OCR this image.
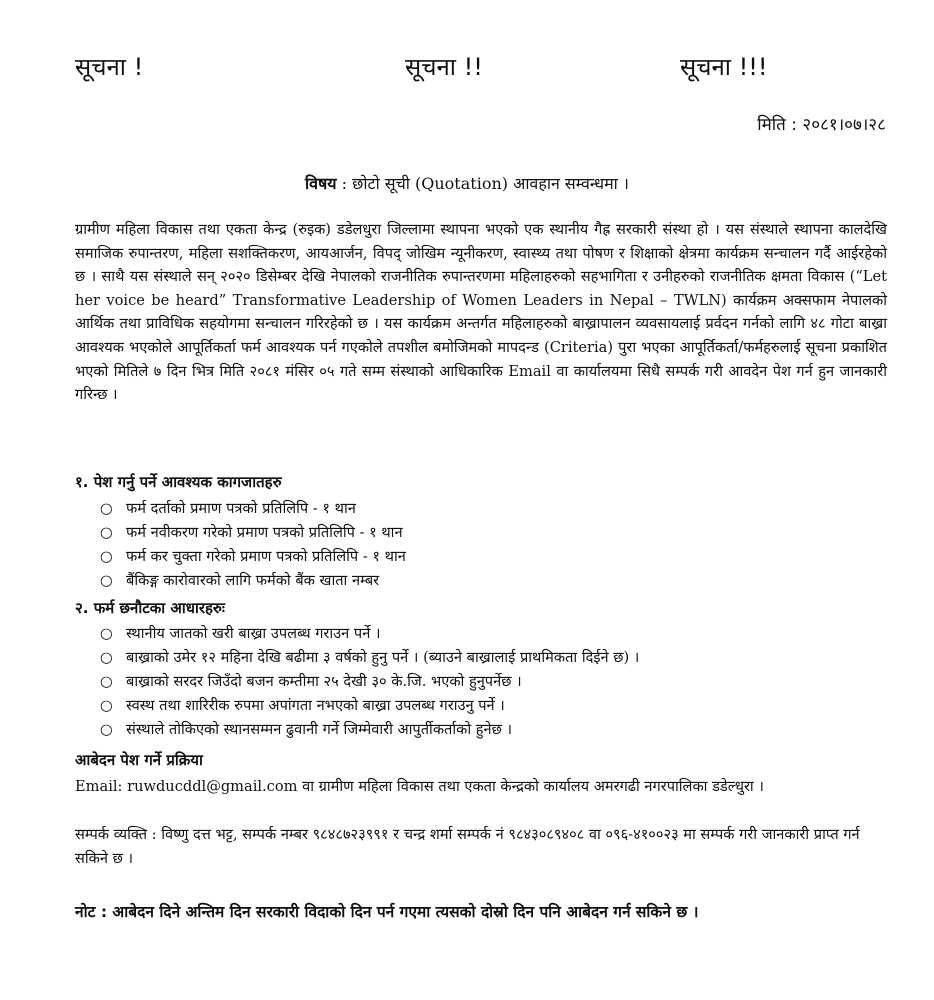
सूचना !	सूचना !!	सूचना !!!
मिति : २०८१।०७।२८
विषय : छोटो सूची (Quotation) आवहान सम्वन्धमा ।
ग्रामीण महिला विकास तथा एकता केन्द्र (रुइक) डडेलधुरा जिल्लामा स्थापना भएको एक स्थानीय गैह्र सरकारी संस्था हो । यस संस्थाले स्थापना कालदेखि समाजिक रुपान्तरण, महिला सशक्तिकरण, आयआर्जन, विपद् जोखिम न्यूनीकरण, स्वास्थ्य तथा पोषण र शिक्षाको क्षेत्रमा कार्यक्रम सन्चालन गर्दै आईरहेको छ । साथै यस संस्थाले सन् २०२० डिसेम्बर देखि नेपालको राजनीतिक रुपान्तरणमा महिलाहरुको सहभागिता र उनीहरुको राजनीतिक क्षमता विकास (“Let her voice be heard” Transformative Leadership of Women Leaders in Nepal – TWLN) कार्यक्रम अक्सफाम नेपालको आर्थिक तथा प्राविधिक सहयोगमा सन्चालन गरिरहेको छ । यस कार्यक्रम अन्तर्गत महिलाहरुको बाख्रापालन व्यवसायलाई प्रर्वदन गर्नको लागि ४८ गोटा बाख्रा आवश्यक भएकोले आपूर्तिकर्ता फर्म आवश्यक पर्न गएकोले तपशील बमोजिमको मापदन्ड (Criteria) पुरा भएका आपूर्तिकर्ता/फर्महरुलाई सूचना प्रकाशित भएको मितिले ७ दिन भित्र मिति २०८१ मंसिर ०५ गते सम्म संस्थाको आधिकारिक Email वा कार्यालयमा सिधै सम्पर्क गरी आवदेन पेश गर्न हुन जानकारी गरिन्छ ।
१. पेश गर्नु पर्ने आवश्यक कागजातहरु
○ फर्म दर्ताको प्रमाण पत्रको प्रतिलिपि - १ थान
○ फर्म नवीकरण गरेको प्रमाण पत्रको प्रतिलिपि - १ थान
○ फर्म कर चुक्ता गरेको प्रमाण पत्रको प्रतिलिपि - १ थान
○ बैंकिङ्ग कारोवारको लागि फर्मको बैंक खाता नम्बर
२. फर्म छनौटका आधारहरुः
○ स्थानीय जातको खरी बाख्रा उपलब्ध गराउन पर्ने ।
○ बाख्राको उमेर १२ महिना देखि बढीमा ३ वर्षको हुनु पर्ने । (ब्याउने बाख्रालाई प्राथमिकता दिईने छ) ।
○ बाख्राको सरदर जिउँदो बजन कम्तीमा २५ देखी ३० के.जि. भएको हुनुपर्नेछ ।
○ स्वस्थ तथा शारिरीक रुपमा अपांगता नभएको बाख्रा उपलब्ध गराउनु पर्ने ।
○ संस्थाले तोकिएको स्थानसम्मन ढुवानी गर्ने जिम्मेवारी आपुर्तीकर्ताको हुनेछ ।
आबेदन पेश गर्ने प्रक्रिया
Email: ruwducddl@gmail.com वा ग्रामीण महिला विकास तथा एकता केन्द्रको कार्यालय अमरगढी नगरपालिका डडेल्धुरा ।
सम्पर्क व्यक्ति : विष्णु दत्त भट्ट, सम्पर्क नम्बर ९८४८७२३९९१ र चन्द्र शर्मा सम्पर्क नं ९८४३०८९४०८ वा ०९६-४१००२३ मा सम्पर्क गरी जानकारी प्राप्त गर्न सकिने छ ।
नोट : आबेदन दिने अन्तिम दिन सरकारी विदाको दिन पर्न गएमा त्यसको दोस्रो दिन पनि आबेदन गर्न सकिने छ ।
